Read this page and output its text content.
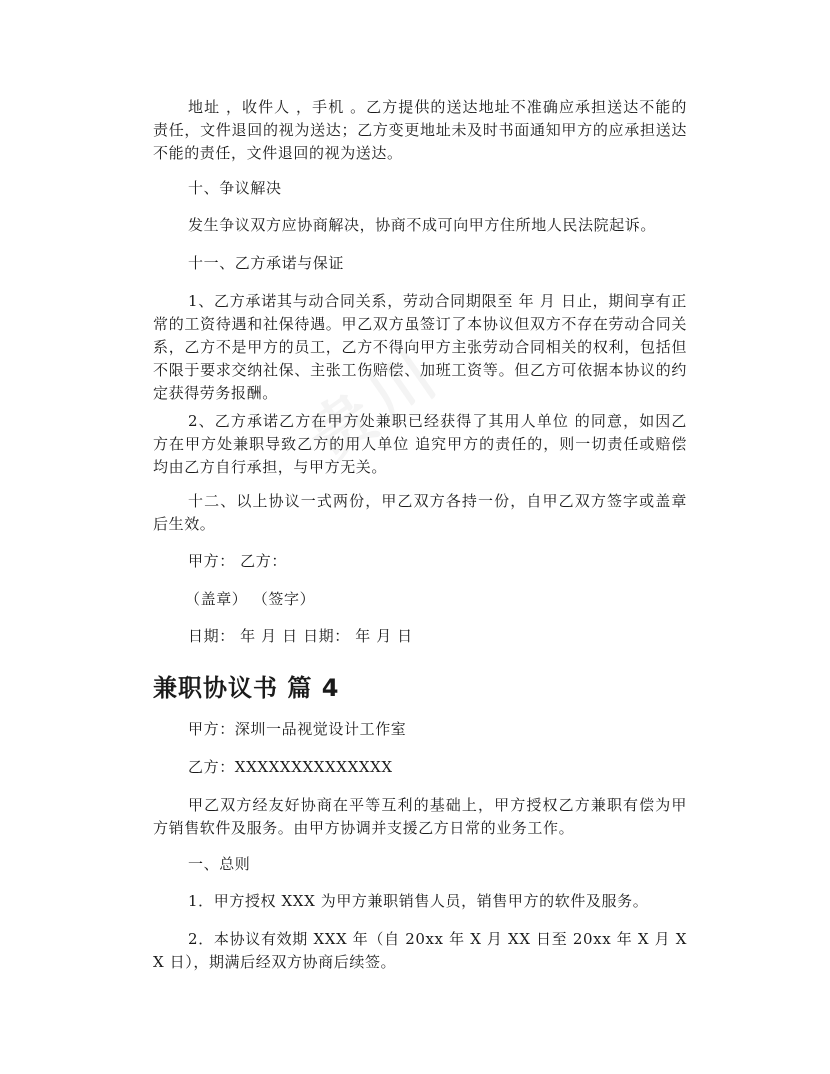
地址 ，收件人 ，手机 。乙方提供的送达地址不准确应承担送达不能的责任，文件退回的视为送达；乙方变更地址未及时书面通知甲方的应承担送达不能的责任，文件退回的视为送达。

十、争议解决

发生争议双方应协商解决，协商不成可向甲方住所地人民法院起诉。

十一、乙方承诺与保证

1、乙方承诺其与动合同关系，劳动合同期限至 年 月 日止，期间享有正常的工资待遇和社保待遇。甲乙双方虽签订了本协议但双方不存在劳动合同关系，乙方不是甲方的员工，乙方不得向甲方主张劳动合同相关的权利，包括但不限于要求交纳社保、主张工伤赔偿、加班工资等。但乙方可依据本协议的约定获得劳务报酬。

2、乙方承诺乙方在甲方处兼职已经获得了其用人单位 的同意，如因乙方在甲方处兼职导致乙方的用人单位 追究甲方的责任的，则一切责任或赔偿均由乙方自行承担，与甲方无关。

十二、以上协议一式两份，甲乙双方各持一份，自甲乙双方签字或盖章后生效。

甲方： 乙方：

（盖章） （签字）

日期： 年 月 日 日期： 年 月 日

兼职协议书 篇 4

甲方：深圳一品视觉设计工作室

乙方：XXXXXXXXXXXXXX

甲乙双方经友好协商在平等互利的基础上，甲方授权乙方兼职有偿为甲方销售软件及服务。由甲方协调并支援乙方日常的业务工作。

一、总则

1．甲方授权 XXX 为甲方兼职销售人员，销售甲方的软件及服务。

2．本协议有效期 XXX 年（自 20xx 年 X 月 XX 日至 20xx 年 X 月 XX 日），期满后经双方协商后续签。
